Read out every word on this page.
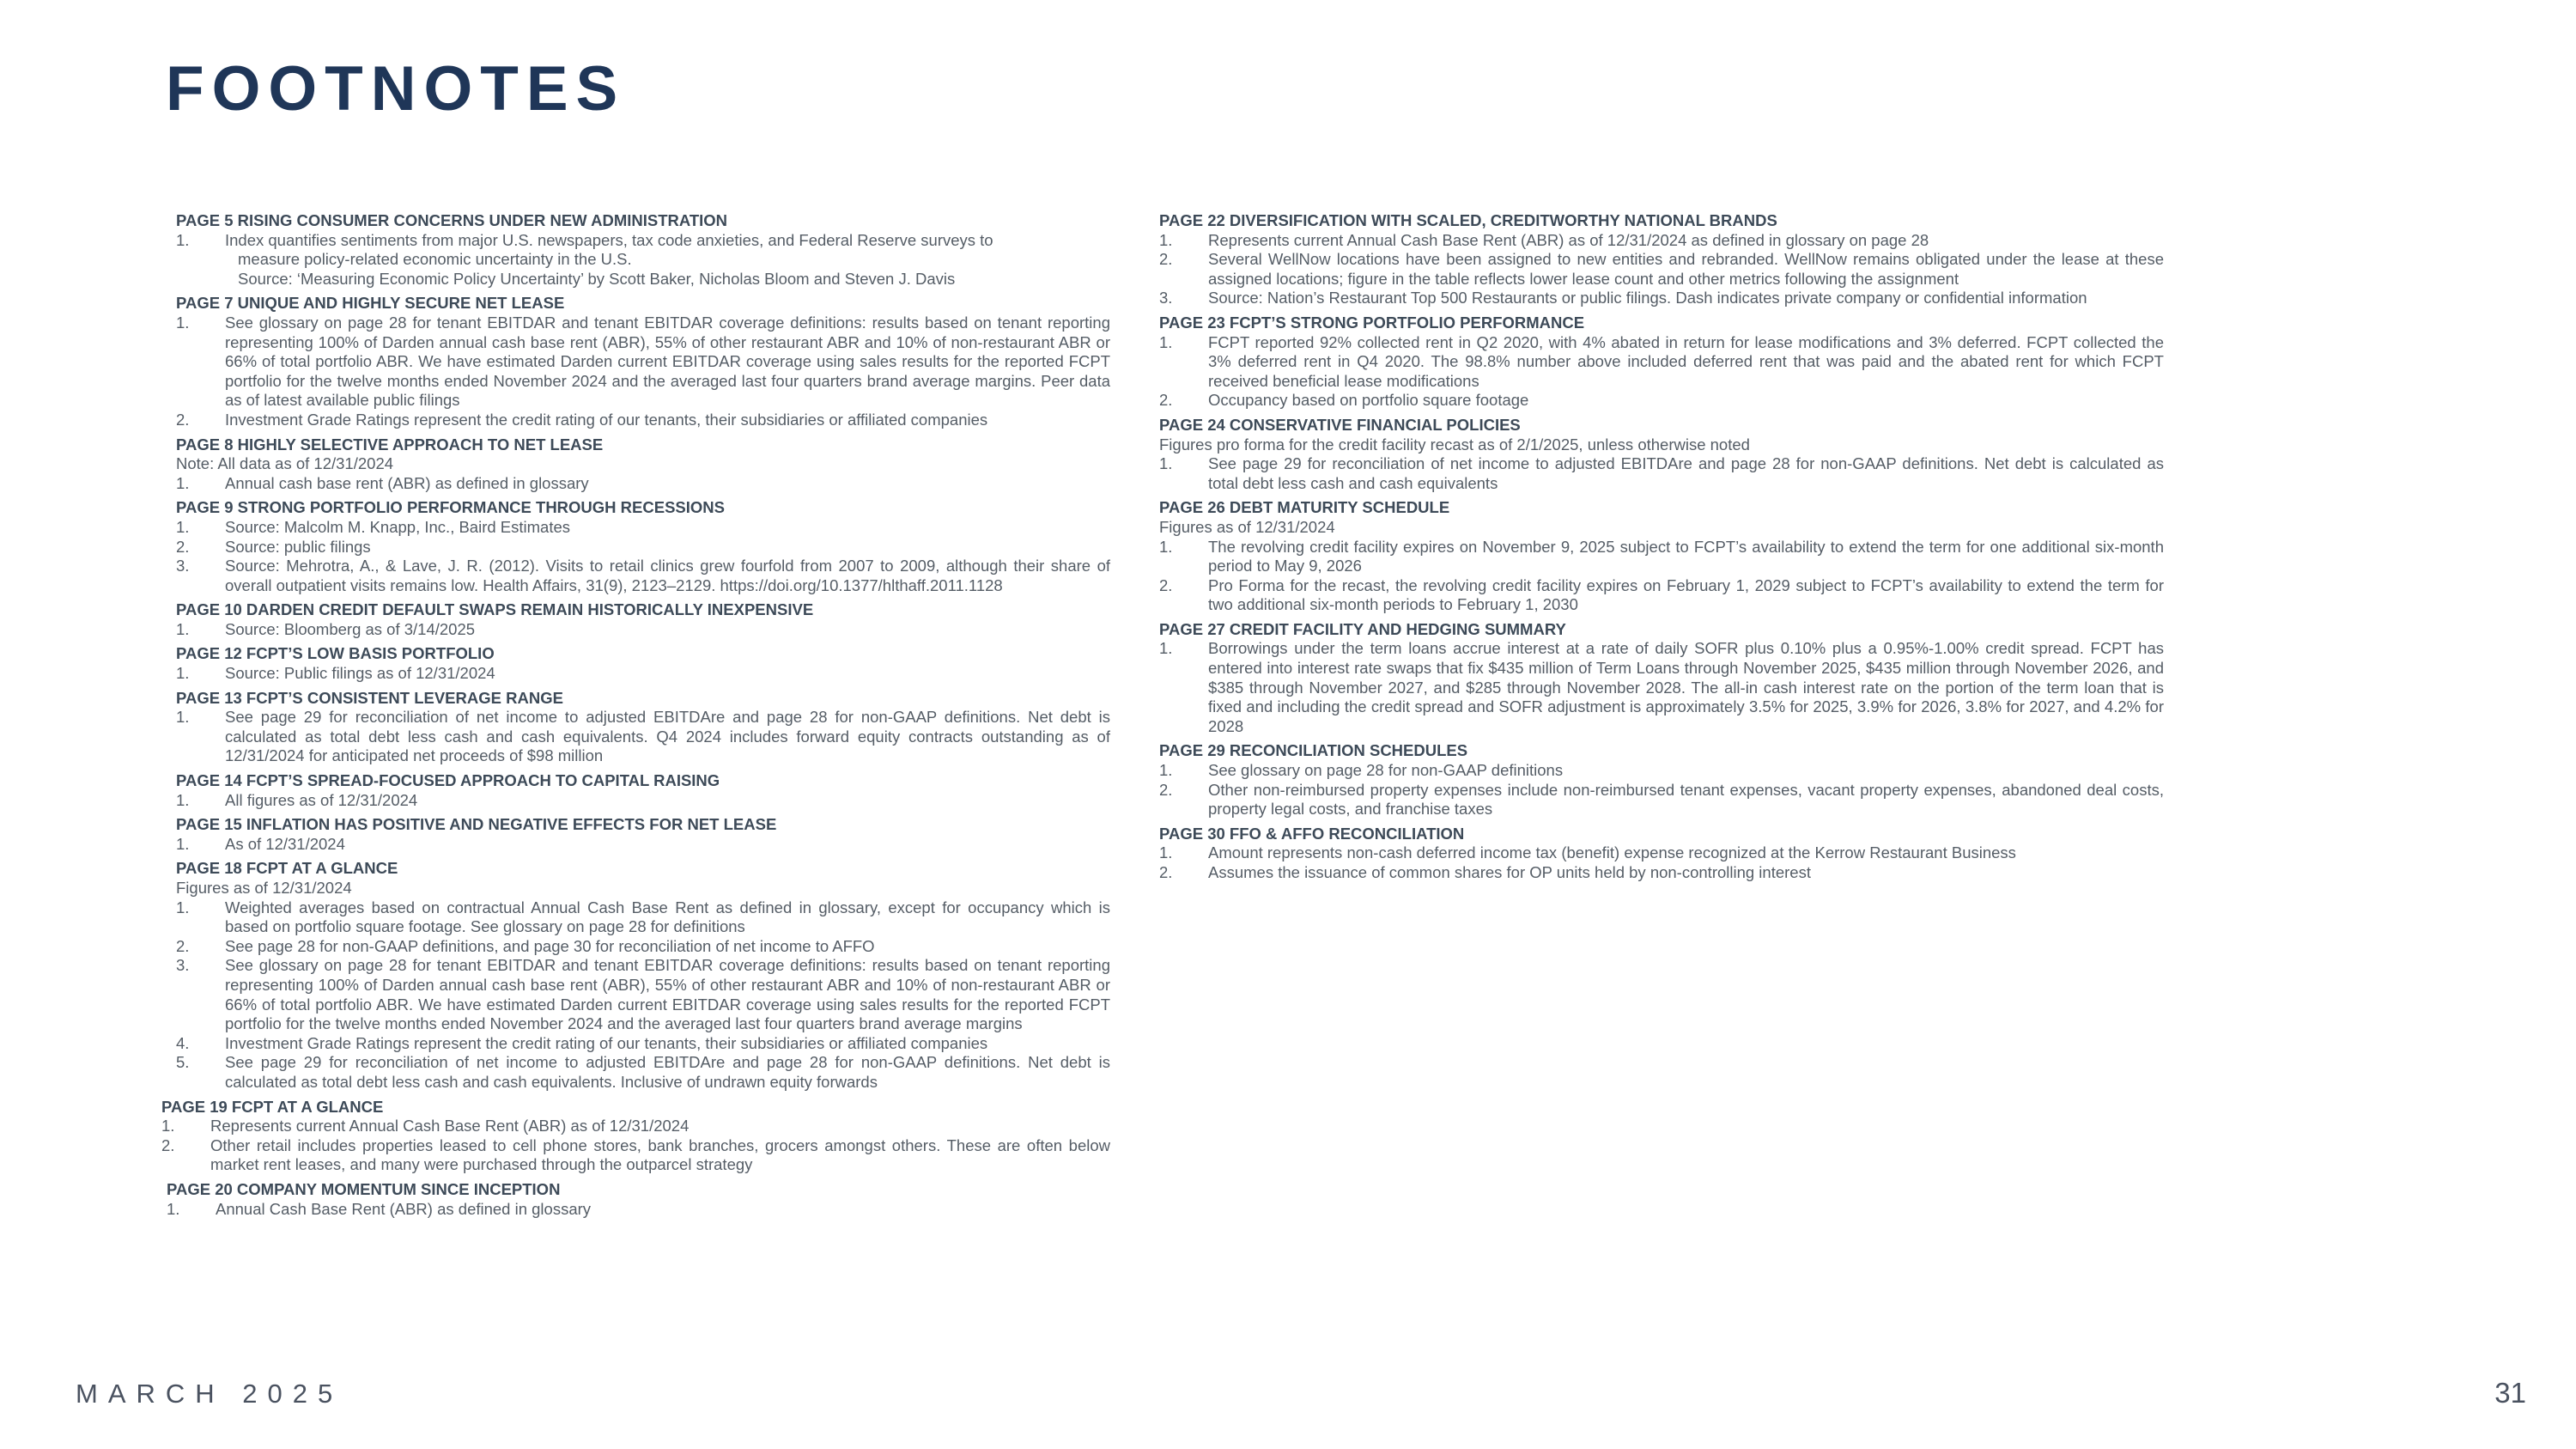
FOOTNOTES

PAGE 5 RISING CONSUMER CONCERNS UNDER NEW ADMINISTRATION

1.	Index quantifies sentiments from major U.S. newspapers, tax code anxieties, and Federal Reserve surveys to
measure policy-related economic uncertainty in the U.S.
Source: ‘Measuring Economic Policy Uncertainty’ by Scott Baker, Nicholas Bloom and Steven J. Davis

PAGE 7 UNIQUE AND HIGHLY SECURE NET LEASE

1.	See glossary on page 28 for tenant EBITDAR and tenant EBITDAR coverage definitions: results based on tenant reporting representing 100% of Darden annual cash base rent (ABR), 55% of other restaurant ABR and 10% of non-restaurant ABR or 66% of total portfolio ABR. We have estimated Darden current EBITDAR coverage using sales results for the reported FCPT portfolio for the twelve months ended November 2024 and the averaged last four quarters brand average margins. Peer data as of latest available public filings
2.	Investment Grade Ratings represent the credit rating of our tenants, their subsidiaries or affiliated companies

PAGE 8 HIGHLY SELECTIVE APPROACH TO NET LEASE

Note: All data as of 12/31/2024

1.	Annual cash base rent (ABR) as defined in glossary

PAGE 9 STRONG PORTFOLIO PERFORMANCE THROUGH RECESSIONS

1.	Source: Malcolm M. Knapp, Inc., Baird Estimates
2.	Source: public filings
3.	Source: Mehrotra, A., & Lave, J. R. (2012). Visits to retail clinics grew fourfold from 2007 to 2009, although their share of overall outpatient visits remains low. Health Affairs, 31(9), 2123–2129. https://doi.org/10.1377/hlthaff.2011.1128

PAGE 10 DARDEN CREDIT DEFAULT SWAPS REMAIN HISTORICALLY INEXPENSIVE

1.	Source: Bloomberg as of 3/14/2025

PAGE 12 FCPT’S LOW BASIS PORTFOLIO

1.	Source: Public filings as of 12/31/2024

PAGE 13 FCPT’S CONSISTENT LEVERAGE RANGE

1.	See page 29 for reconciliation of net income to adjusted EBITDAre and page 28 for non-GAAP definitions. Net debt is calculated as total debt less cash and cash equivalents. Q4 2024 includes forward equity contracts outstanding as of 12/31/2024 for anticipated net proceeds of $98 million

PAGE 14 FCPT’S SPREAD-FOCUSED APPROACH TO CAPITAL RAISING

1.	All figures as of 12/31/2024

PAGE 15 INFLATION HAS POSITIVE AND NEGATIVE EFFECTS FOR NET LEASE

1.	As of 12/31/2024

PAGE 18 FCPT AT A GLANCE

Figures as of 12/31/2024

1.	Weighted averages based on contractual Annual Cash Base Rent as defined in glossary, except for occupancy which is based on portfolio square footage. See glossary on page 28 for definitions
2.	See page 28 for non-GAAP definitions, and page 30 for reconciliation of net income to AFFO
3.	See glossary on page 28 for tenant EBITDAR and tenant EBITDAR coverage definitions: results based on tenant reporting representing 100% of Darden annual cash base rent (ABR), 55% of other restaurant ABR and 10% of non-restaurant ABR or 66% of total portfolio ABR. We have estimated Darden current EBITDAR coverage using sales results for the reported FCPT portfolio for the twelve months ended November 2024 and the averaged last four quarters brand average margins
4.	Investment Grade Ratings represent the credit rating of our tenants, their subsidiaries or affiliated companies
5.	See page 29 for reconciliation of net income to adjusted EBITDAre and page 28 for non-GAAP definitions. Net debt is calculated as total debt less cash and cash equivalents. Inclusive of undrawn equity forwards

PAGE 19 FCPT AT A GLANCE

1.	Represents current Annual Cash Base Rent (ABR) as of 12/31/2024
2.	Other retail includes properties leased to cell phone stores, bank branches, grocers amongst others. These are often below market rent leases, and many were purchased through the outparcel strategy

PAGE 20 COMPANY MOMENTUM SINCE INCEPTION

1.	Annual Cash Base Rent (ABR) as defined in glossary

PAGE 22 DIVERSIFICATION WITH SCALED, CREDITWORTHY NATIONAL BRANDS

1.	Represents current Annual Cash Base Rent (ABR) as of 12/31/2024 as defined in glossary on page 28
2.	Several WellNow locations have been assigned to new entities and rebranded. WellNow remains obligated under the lease at these assigned locations; figure in the table reflects lower lease count and other metrics following the assignment
3.	Source: Nation’s Restaurant Top 500 Restaurants or public filings. Dash indicates private company or confidential information

PAGE 23 FCPT’S STRONG PORTFOLIO PERFORMANCE

1.	FCPT reported 92% collected rent in Q2 2020, with 4% abated in return for lease modifications and 3% deferred. FCPT collected the 3% deferred rent in Q4 2020. The 98.8% number above included deferred rent that was paid and the abated rent for which FCPT received beneficial lease modifications
2.	Occupancy based on portfolio square footage

PAGE 24 CONSERVATIVE FINANCIAL POLICIES

Figures pro forma for the credit facility recast as of 2/1/2025, unless otherwise noted

1.	See page 29 for reconciliation of net income to adjusted EBITDAre and page 28 for non-GAAP definitions. Net debt is calculated as total debt less cash and cash equivalents

PAGE 26 DEBT MATURITY SCHEDULE

Figures as of 12/31/2024

1.	The revolving credit facility expires on November 9, 2025 subject to FCPT’s availability to extend the term for one additional six-month period to May 9, 2026
2.	Pro Forma for the recast, the revolving credit facility expires on February 1, 2029 subject to FCPT’s availability to extend the term for two additional six-month periods to February 1, 2030

PAGE 27 CREDIT FACILITY AND HEDGING SUMMARY

1.	Borrowings under the term loans accrue interest at a rate of daily SOFR plus 0.10% plus a 0.95%-1.00% credit spread. FCPT has entered into interest rate swaps that fix $435 million of Term Loans through November 2025, $435 million through November 2026, and $385 through November 2027, and $285 through November 2028. The all-in cash interest rate on the portion of the term loan that is fixed and including the credit spread and SOFR adjustment is approximately 3.5% for 2025, 3.9% for 2026, 3.8% for 2027, and 4.2% for 2028

PAGE 29 RECONCILIATION SCHEDULES

1.	See glossary on page 28 for non-GAAP definitions
2.	Other non-reimbursed property expenses include non-reimbursed tenant expenses, vacant property expenses, abandoned deal costs, property legal costs, and franchise taxes

PAGE 30 FFO & AFFO RECONCILIATION

1.	Amount represents non-cash deferred income tax (benefit) expense recognized at the Kerrow Restaurant Business
2.	Assumes the issuance of common shares for OP units held by non-controlling interest
MARCH 2025	31
